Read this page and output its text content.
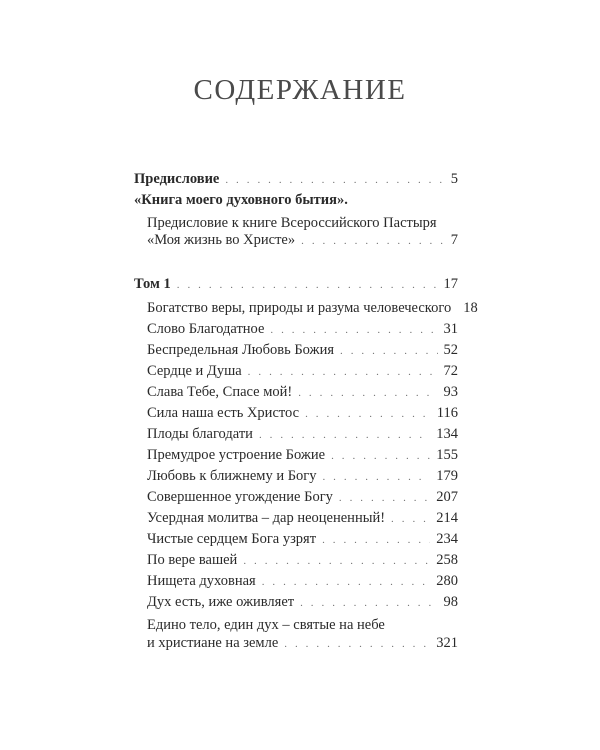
СОДЕРЖАНИЕ
Предисловие . . .	5
«Книга моего духовного бытия».
Предисловие к книге Всероссийского Пастыря
«Моя жизнь во Христе» . . .	7
Том 1 . . .	17
Богатство веры, природы и разума человеческого 18
Слово Благодатное . . .	31
Беспредельная Любовь Божия . . .	52
Сердце и Душа . . .	72
Слава Тебе, Спасе мой! . . .	93
Сила наша есть Христос . . .	116
Плоды благодати . . .	134
Премудрое устроение Божие . . .	155
Любовь к ближнему и Богу . . .	179
Совершенное угождение Богу . . .	207
Усердная молитва – дар неоцененный! . . .	214
Чистые сердцем Бога узрят . . .	234
По вере вашей . . .	258
Нищета духовная . . .	280
Дух есть, иже оживляет . . .	98
Едино тело, един дух – святые на небе
и христиане на земле . . .	321
